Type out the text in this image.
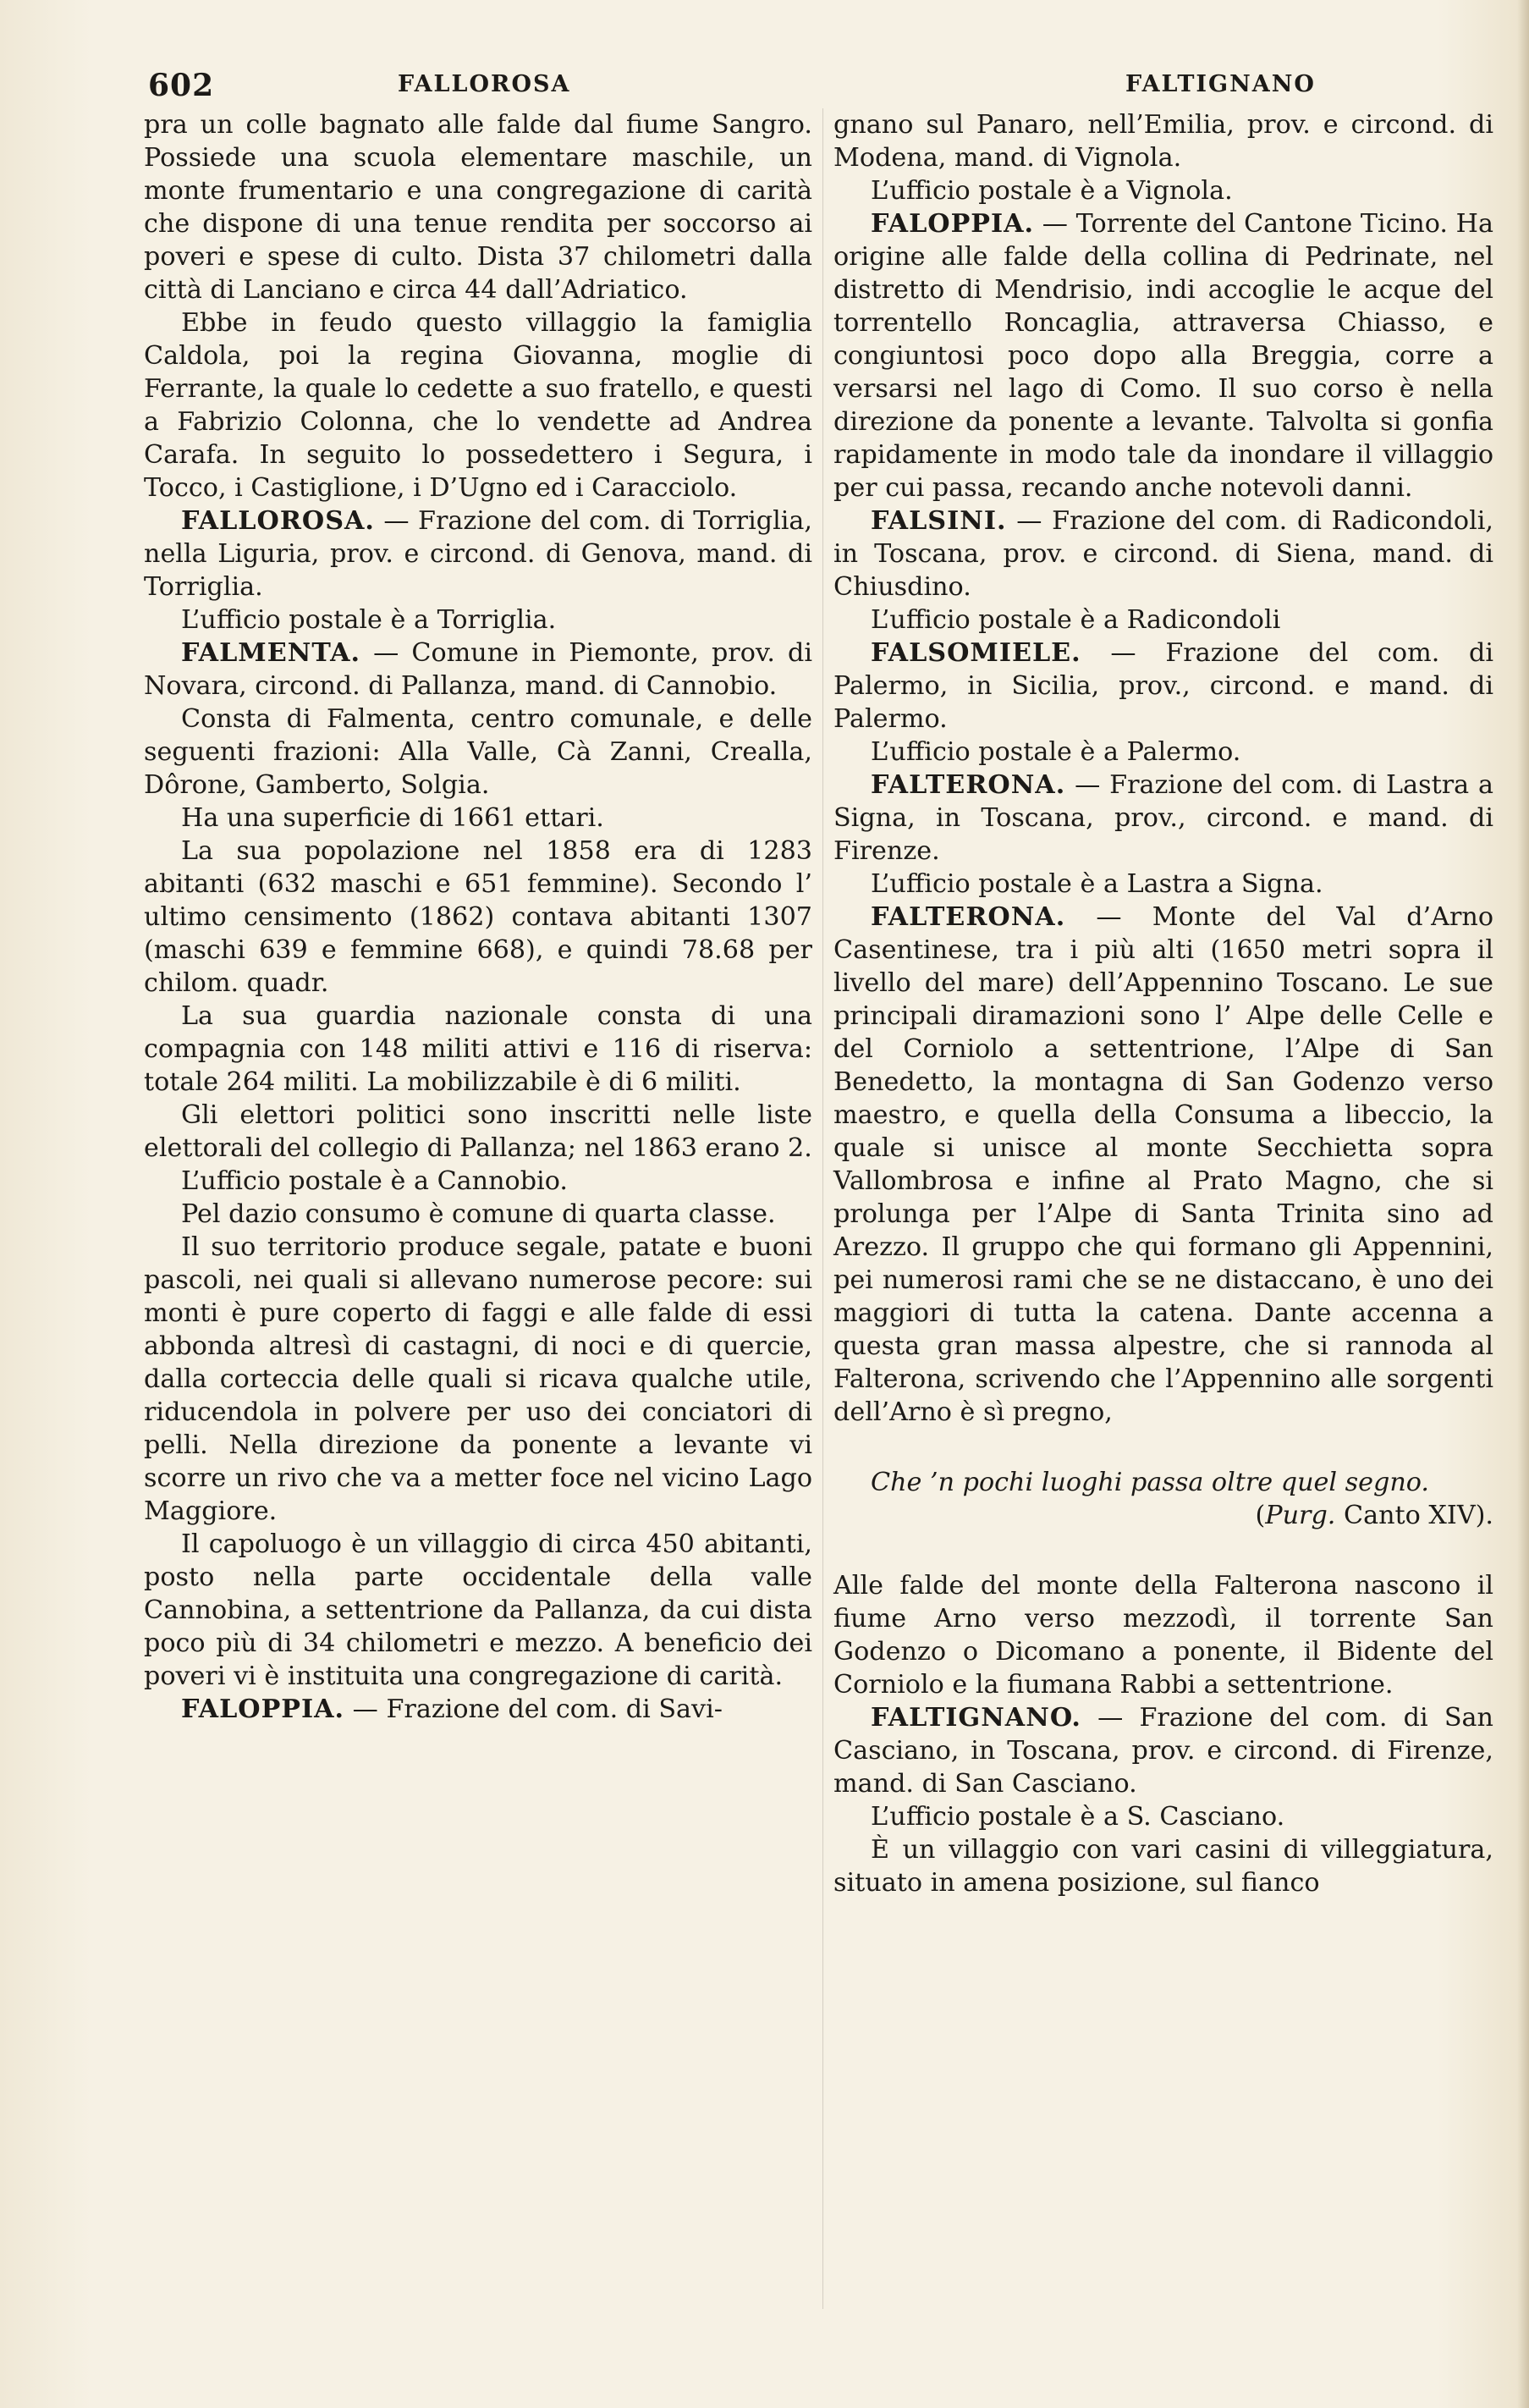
602	FALLOROSA	FALTIGNANO

pra un colle bagnato alle falde dal fiume Sangro. Possiede una scuola elementare maschile, un monte frumentario e una congregazione di carità che dispone di una tenue rendita per soccorso ai poveri e spese di culto. Dista 37 chilometri dalla città di Lanciano e circa 44 dall’Adriatico.

Ebbe in feudo questo villaggio la famiglia Caldola, poi la regina Giovanna, moglie di Ferrante, la quale lo cedette a suo fratello, e questi a Fabrizio Colonna, che lo vendette ad Andrea Carafa. In seguito lo possedettero i Segura, i Tocco, i Castiglione, i D’Ugno ed i Caracciolo.

FALLOROSA. — Frazione del com. di Torriglia, nella Liguria, prov. e circond. di Genova, mand. di Torriglia.

L’ufficio postale è a Torriglia.

FALMENTA. — Comune in Piemonte, prov. di Novara, circond. di Pallanza, mand. di Cannobio.

Consta di Falmenta, centro comunale, e delle seguenti frazioni: Alla Valle, Cà Zanni, Crealla, Dôrone, Gamberto, Solgia.

Ha una superficie di 1661 ettari.

La sua popolazione nel 1858 era di 1283 abitanti (632 maschi e 651 femmine). Secondo l’ ultimo censimento (1862) contava abitanti 1307 (maschi 639 e femmine 668), e quindi 78.68 per chilom. quadr.

La sua guardia nazionale consta di una compagnia con 148 militi attivi e 116 di riserva: totale 264 militi. La mobilizzabile è di 6 militi.

Gli elettori politici sono inscritti nelle liste elettorali del collegio di Pallanza; nel 1863 erano 2.

L’ufficio postale è a Cannobio.

Pel dazio consumo è comune di quarta classe.

Il suo territorio produce segale, patate e buoni pascoli, nei quali si allevano numerose pecore: sui monti è pure coperto di faggi e alle falde di essi abbonda altresì di castagni, di noci e di quercie, dalla corteccia delle quali si ricava qualche utile, riducendola in polvere per uso dei conciatori di pelli. Nella direzione da ponente a levante vi scorre un rivo che va a metter foce nel vicino Lago Maggiore.

Il capoluogo è un villaggio di circa 450 abitanti, posto nella parte occidentale della valle Cannobina, a settentrione da Pallanza, da cui dista poco più di 34 chilometri e mezzo. A beneficio dei poveri vi è instituita una congregazione di carità.

FALOPPIA. — Frazione del com. di Savi-

gnano sul Panaro, nell’Emilia, prov. e circond. di Modena, mand. di Vignola.

L’ufficio postale è a Vignola.

FALOPPIA. — Torrente del Cantone Ticino. Ha origine alle falde della collina di Pedrinate, nel distretto di Mendrisio, indi accoglie le acque del torrentello Roncaglia, attraversa Chiasso, e congiuntosi poco dopo alla Breggia, corre a versarsi nel lago di Como. Il suo corso è nella direzione da ponente a levante. Talvolta si gonfia rapidamente in modo tale da inondare il villaggio per cui passa, recando anche notevoli danni.

FALSINI. — Frazione del com. di Radicondoli, in Toscana, prov. e circond. di Siena, mand. di Chiusdino.

L’ufficio postale è a Radicondoli

FALSOMIELE. — Frazione del com. di Palermo, in Sicilia, prov., circond. e mand. di Palermo.

L’ufficio postale è a Palermo.

FALTERONA. — Frazione del com. di Lastra a Signa, in Toscana, prov., circond. e mand. di Firenze.

L’ufficio postale è a Lastra a Signa.

FALTERONA. — Monte del Val d’Arno Casentinese, tra i più alti (1650 metri sopra il livello del mare) dell’Appennino Toscano. Le sue principali diramazioni sono l’ Alpe delle Celle e del Corniolo a settentrione, l’Alpe di San Benedetto, la montagna di San Godenzo verso maestro, e quella della Consuma a libeccio, la quale si unisce al monte Secchietta sopra Vallombrosa e infine al Prato Magno, che si prolunga per l’Alpe di Santa Trinita sino ad Arezzo. Il gruppo che qui formano gli Appennini, pei numerosi rami che se ne distaccano, è uno dei maggiori di tutta la catena. Dante accenna a questa gran massa alpestre, che si rannoda al Falterona, scrivendo che l’Appennino alle sorgenti dell’Arno è sì pregno,

Che ’n pochi luoghi passa oltre quel segno.

(Purg. Canto XIV).

Alle falde del monte della Falterona nascono il fiume Arno verso mezzodì, il torrente San Godenzo o Dicomano a ponente, il Bidente del Corniolo e la fiumana Rabbi a settentrione.

FALTIGNANO. — Frazione del com. di San Casciano, in Toscana, prov. e circond. di Firenze, mand. di San Casciano.

L’ufficio postale è a S. Casciano.

È un villaggio con vari casini di villeggiatura, situato in amena posizione, sul fianco
